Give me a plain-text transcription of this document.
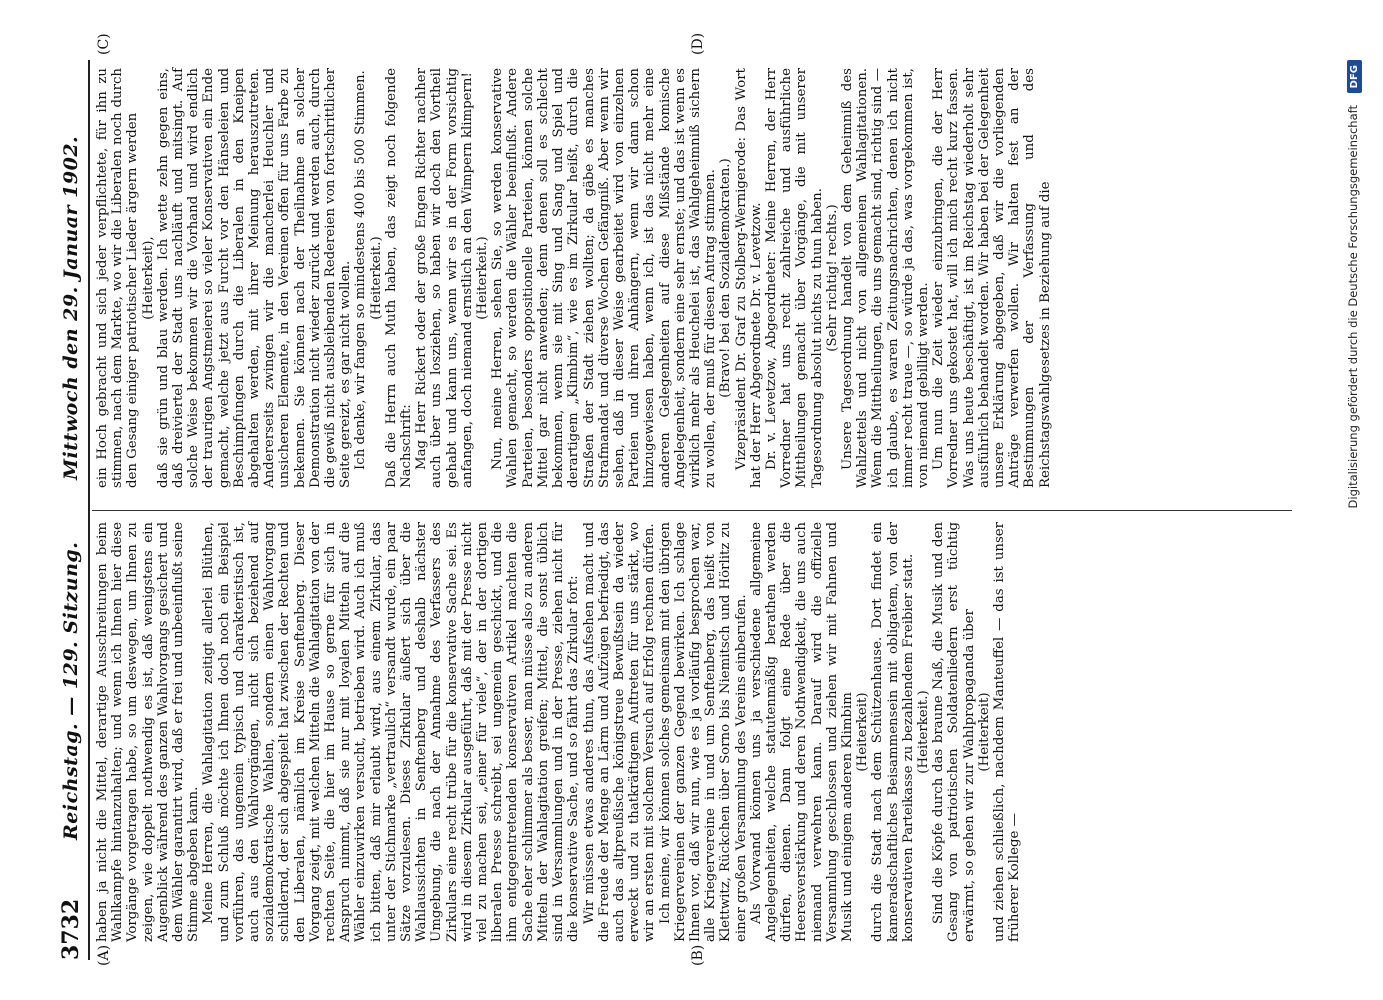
3732
Reichstag. — 129. Sitzung.
Mittwoch den 29. Januar 1902.
(A)	(B)
(C)	(D)

haben ja nicht die Mittel, derartige Ausschreitungen beim Wahlkampfe hintanzuhalten; und wenn ich Ihnen hier diese Vorgänge vorgetragen habe, so um deswegen, um Ihnen zu zeigen, wie doppelt nothwendig es ist, daß wenigstens ein Augenblick während des ganzen Wahlvorgangs gesichert und dem Wähler garantirt wird, daß er frei und unbeeinflußt seine Stimme abgeben kann. Meine Herren, die Wahlagitation zeitigt allerlei Blüthen, und zum Schluß möchte ich Ihnen doch noch ein Beispiel vorführen, das ungemein typisch und charakteristisch ist, auch aus den Wahlvorgängen, nicht sich beziehend auf sozialdemokratische Wahlen, sondern einen Wahlvorgang schildernd, der sich abgespielt hat zwischen der Rechten und den Liberalen, nämlich im Kreise Senftenberg. Dieser Vorgang zeigt, mit welchen Mitteln die Wahlagitation von der rechten Seite, die hier im Hause so gerne für sich in Anspruch nimmt, daß sie nur mit loyalen Mitteln auf die Wähler einzuwirken versucht, betrieben wird. Auch ich muß ich bitten, daß mir erlaubt wird, aus einem Zirkular, das unter der Stichmarke „vertraulich“ versandt wurde, ein paar Sätze vorzulesen. Dieses Zirkular äußert sich über die Wahlaussichten in Senftenberg und deshalb nächster Umgebung, die nach der Annahme des Verfassers des Zirkulars eine recht trübe für die konservative Sache sei. Es wird in diesem Zirkular ausgeführt, daß mit der Presse nicht viel zu machen sei, „einer für viele“, der in der dortigen liberalen Presse schreibt, sei ungemein geschickt, und die ihm entgegentretenden konservativen Artikel machten die Sache eher schlimmer als besser, man müsse also zu anderen Mitteln der Wahlagitation greifen; Mittel, die sonst üblich sind in Versammlungen und in der Presse, ziehen nicht für die konservative Sache, und so fährt das Zirkular fort: Wir müssen etwas anderes thun, das Aufsehen macht und die Freude der Menge an Lärm und Aufzügen befriedigt, das auch das altpreußische königstreue Bewußtsein da wieder erweckt und zu thatkräftigem Auftreten für uns stärkt, wo wir an ersten mit solchem Versuch auf Erfolg rechnen dürfen. Ich meine, wir können solches gemeinsam mit den übrigen Kriegervereinen der ganzen Gegend bewirken. Ich schlage Ihnen vor, daß wir nun, wie es ja vorläufig besprochen war, alle Kriegervereine in und um Senftenberg, das heißt von Klettwitz, Rückchen über Sorno bis Niemitsch und Hörlitz zu einer großen Versammlung des Vereins einberufen. Als Vorwand können uns ja verschiedene allgemeine Angelegenheiten, welche statutenmäßig berathen werden dürfen, dienen. Dann folgt eine Rede über die Heeresverstärkung und deren Nothwendigkeit, die uns auch niemand verwehren kann. Darauf wird die offizielle Versammlung geschlossen und ziehen wir mit Fahnen und Musik und einigem anderen Klimbim (Heiterkeit) durch die Stadt nach dem Schützenhause. Dort findet ein kameradschaftliches Beisammensein mit obligatem, von der konservativen Parteikasse zu bezahlendem Freibier statt. (Heiterkeit.) Sind die Köpfe durch das braune Naß, die Musik und den Gesang von patriotischen Soldatenliedern erst tüchtig erwärmt, so gehen wir zur Wahlpropaganda über (Heiterkeit) und ziehen schließlich, nachdem Manteuffel — das ist unser früherer Kollege —

ein Hoch gebracht und sich jeder verpflichtete, für ihn zu stimmen, nach dem Markte, wo wir die Liberalen noch durch den Gesang einiger patriotischer Lieder ärgern werden (Heiterkeit), daß sie grün und blau werden. Ich wette zehn gegen eins, daß dreiviertel der Stadt uns nachläuft und mitsingt. Auf solche Weise bekommen wir die Vorhand und wird endlich der traurigen Angstmeierei so vieler Konservativen ein Ende gemacht, welche jetzt aus Furcht vor den Hänseleien und Beschimpfungen durch die Liberalen in den Kneipen abgehalten werden, mit ihrer Meinung herauszutreten. Andererseits zwingen wir die mancherlei Heuchler und unsicheren Elemente, in den Vereinen offen für uns Farbe zu bekennen. Sie können nach der Theilnahme an solcher Demonstration nicht wieder zurück und werden auch, durch die gewiß nicht ausbleibenden Redereien von fortschrittlicher Seite gereizt, es gar nicht wollen. Ich denke, wir fangen so mindestens 400 bis 500 Stimmen. (Heiterkeit.) Daß die Herrn auch Muth haben, das zeigt noch folgende Nachschrift: Mag Herr Rickert oder der große Engen Richter nachher auch über uns losziehen, so haben wir doch den Vortheil gehabt und kann uns, wenn wir es in der Form vorsichtig anfangen, doch niemand ernstlich an den Wimpern klimpern! (Heiterkeit.) Nun, meine Herren, sehen Sie, so werden konservative Wahlen gemacht, so werden die Wähler beeinflußt. Andere Parteien, besonders oppositionelle Parteien, können solche Mittel gar nicht anwenden; denn denen soll es schlecht bekommen, wenn sie mit Sing und Sang und Spiel und derartigem „Klimbim“, wie es im Zirkular heißt, durch die Straßen der Stadt ziehen wollten; da gäbe es manches Strafmandat und diverse Wochen Gefängniß. Aber wenn wir sehen, daß in dieser Weise gearbeitet wird von einzelnen Parteien und ihren Anhängern, wenn wir dann schon hinzugewiesen haben, wenn ich, ist das nicht mehr eine anderen Gelegenheiten auf diese Mißstände komische Angelegenheit, sondern eine sehr ernste; und das ist wenn es wirklich mehr als Heuchelei ist, das Wahlgeheimniß sichern zu wollen, der muß für diesen Antrag stimmen. (Bravo! bei den Sozialdemokraten.) Vizepräsident Dr. Graf zu Stolberg-Wernigerode: Das Wort hat der Herr Abgeordnete Dr. v. Levetzow. Dr. v. Levetzow, Abgeordneter: Meine Herren, der Herr Vorredner hat uns recht zahlreiche und ausführliche Mittheilungen gemacht über Vorgänge, die mit unserer Tagesordnung absolut nichts zu thun haben. (Sehr richtig! rechts.) Unsere Tagesordnung handelt von dem Geheimniß des Wahlzettels und nicht von allgemeinen Wahlagitationen. Wenn die Mittheilungen, die uns gemacht sind, richtig sind — ich glaube, es waren Zeitungsnachrichten, denen ich nicht immer recht traue —, so würde ja das, was vorgekommen ist, von niemand gebilligt werden. Um nun die Zeit wieder einzubringen, die der Herr Vorredner uns gekostet hat, will ich mich recht kurz fassen. Was uns heute beschäftigt, ist im Reichstag wiederholt sehr ausführlich behandelt worden. Wir haben bei der Gelegenheit unsere Erklärung abgegeben, daß wir die vorliegenden Anträge verwerfen wollen. Wir halten fest an der Bestimmungen der Verfassung und des Reichstagswahlgesetzes in Beziehung auf die	Digitalisierung gefördert durch die Deutsche Forschungsgemeinschaft DFG
